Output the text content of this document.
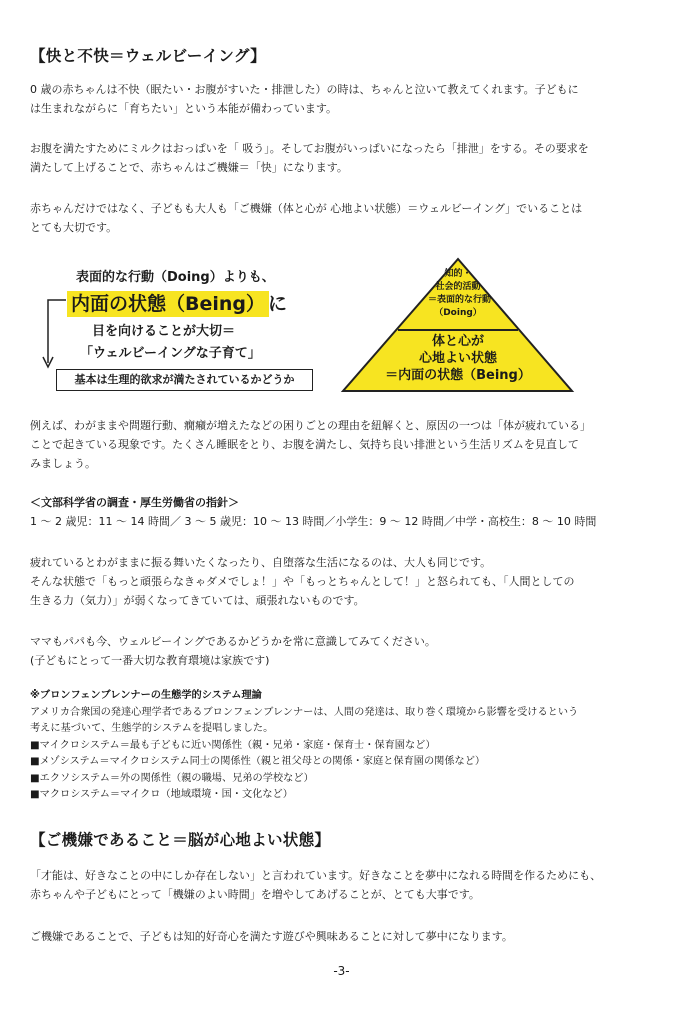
【快と不快＝ウェルビーイング】
0 歳の赤ちゃんは不快（眠たい・お腹がすいた・排泄した）の時は、ちゃんと泣いて教えてくれます。子どもに
は生まれながらに「育ちたい」という本能が備わっています。
お腹を満たすためにミルクはおっぱいを「 吸う」。そしてお腹がいっぱいになったら「排泄」をする。その要求を
満たして上げることで、赤ちゃんはご機嫌＝「快」になります。
赤ちゃんだけではなく、子どもも大人も「ご機嫌（体と心が 心地よい状態）＝ウェルビーイング」でいることは
とても大切です。
表面的な行動（Doing）よりも、
内面の状態（Being） に
目を向けることが大切＝
「ウェルビーイングな子育て」
基本は生理的欲求が満たされているかどうか
知的・
社会的活動
＝表面的な行動
（Doing）
体と心が
心地よい状態
＝内面の状態（Being）
例えば、わがままや問題行動、癇癪が増えたなどの困りごとの理由を紐解くと、原因の一つは「体が疲れている」
ことで起きている現象です。たくさん睡眠をとり、お腹を満たし、気持ち良い排泄という生活リズムを見直して
みましょう。
＜文部科学省の調査・厚生労働省の指針＞
1 ～ 2 歳児：11 ～ 14 時間／ 3 ～ 5 歳児：10 ～ 13 時間／小学生：9 ～ 12 時間／中学・高校生：8 ～ 10 時間
疲れているとわがままに振る舞いたくなったり、自堕落な生活になるのは、大人も同じです。
そんな状態で「もっと頑張らなきゃダメでしょ！」や「もっとちゃんとして！」と怒られても、「人間としての
生きる力（気力）」が弱くなってきていては、頑張れないものです。
ママもパパも今、ウェルビーイングであるかどうかを常に意識してみてください。
(子どもにとって一番大切な教育環境は家族です)
※ブロンフェンブレンナーの生態学的システム理論
アメリカ合衆国の発達心理学者であるブロンフェンブレンナーは、人間の発達は、取り巻く環境から影響を受けるという
考えに基づいて、生態学的システムを提唱しました。
■マイクロシステム＝最も子どもに近い関係性（親・兄弟・家庭・保育士・保育園など）
■メゾシステム＝マイクロシステム同士の関係性（親と祖父母との関係・家庭と保育園の関係など）
■エクソシステム＝外の関係性（親の職場、兄弟の学校など）
■マクロシステム＝マイクロ（地域環境・国・文化など）
【ご機嫌であること＝脳が心地よい状態】
「才能は、好きなことの中にしか存在しない」と言われています。好きなことを夢中になれる時間を作るためにも、
赤ちゃんや子どもにとって「機嫌のよい時間」を増やしてあげることが、とても大事です。
ご機嫌であることで、子どもは知的好奇心を満たす遊びや興味あることに対して夢中になります。
-3-
